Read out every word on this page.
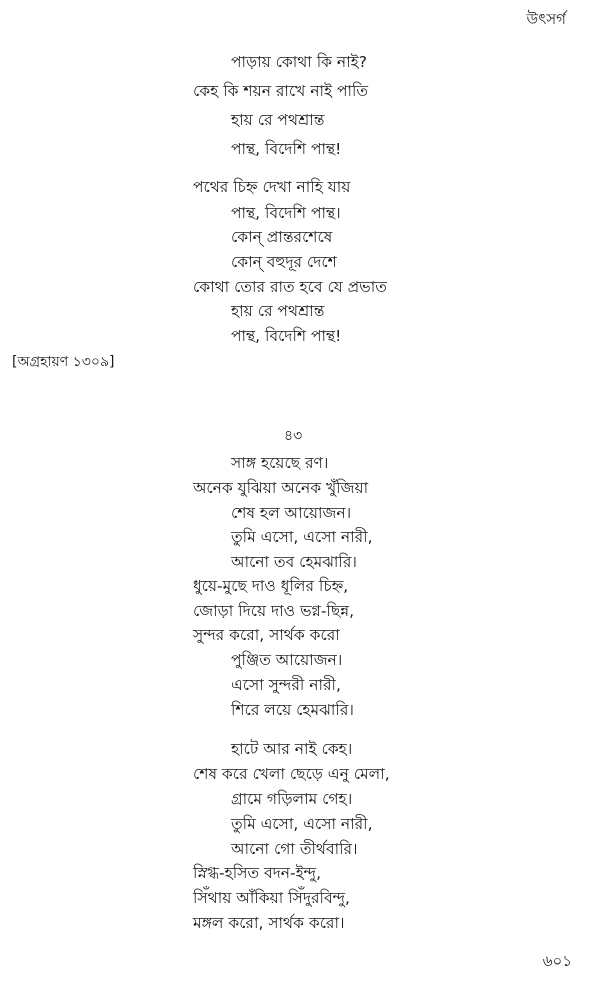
উৎসর্গ
পাড়ায় কোথা কি নাই?
কেহ কি শয়ন রাখে নাই পাতি
হায় রে পথশ্রান্ত
পান্থ, বিদেশি পান্থ!
পথের চিহ্ন দেখা নাহি যায়
পান্থ, বিদেশি পান্থ।
কোন্ প্রান্তরশেষে
কোন্ বহুদূর দেশে
কোথা তোর রাত হবে যে প্রভাত
হায় রে পথশ্রান্ত
পান্থ, বিদেশি পান্থ!
[অগ্রহায়ণ ১৩০৯]
৪৩
সাঙ্গ হয়েছে রণ।
অনেক যুঝিয়া অনেক খুঁজিয়া
শেষ হল আয়োজন।
তুমি এসো, এসো নারী,
আনো তব হেমঝারি।
ধুয়ে-মুছে দাও ধূলির চিহ্ন,
জোড়া দিয়ে দাও ভগ্ন-ছিন্ন,
সুন্দর করো, সার্থক করো
পুঞ্জিত আয়োজন।
এসো সুন্দরী নারী,
শিরে লয়ে হেমঝারি।
হাটে আর নাই কেহ।
শেষ করে খেলা ছেড়ে এনু মেলা,
গ্রামে গড়িলাম গেহ।
তুমি এসো, এসো নারী,
আনো গো তীর্থবারি।
স্নিগ্ধ-হসিত বদন-ইন্দু,
সিঁথায় আঁকিয়া সিঁদুরবিন্দু,
মঙ্গল করো, সার্থক করো।
৬০১
